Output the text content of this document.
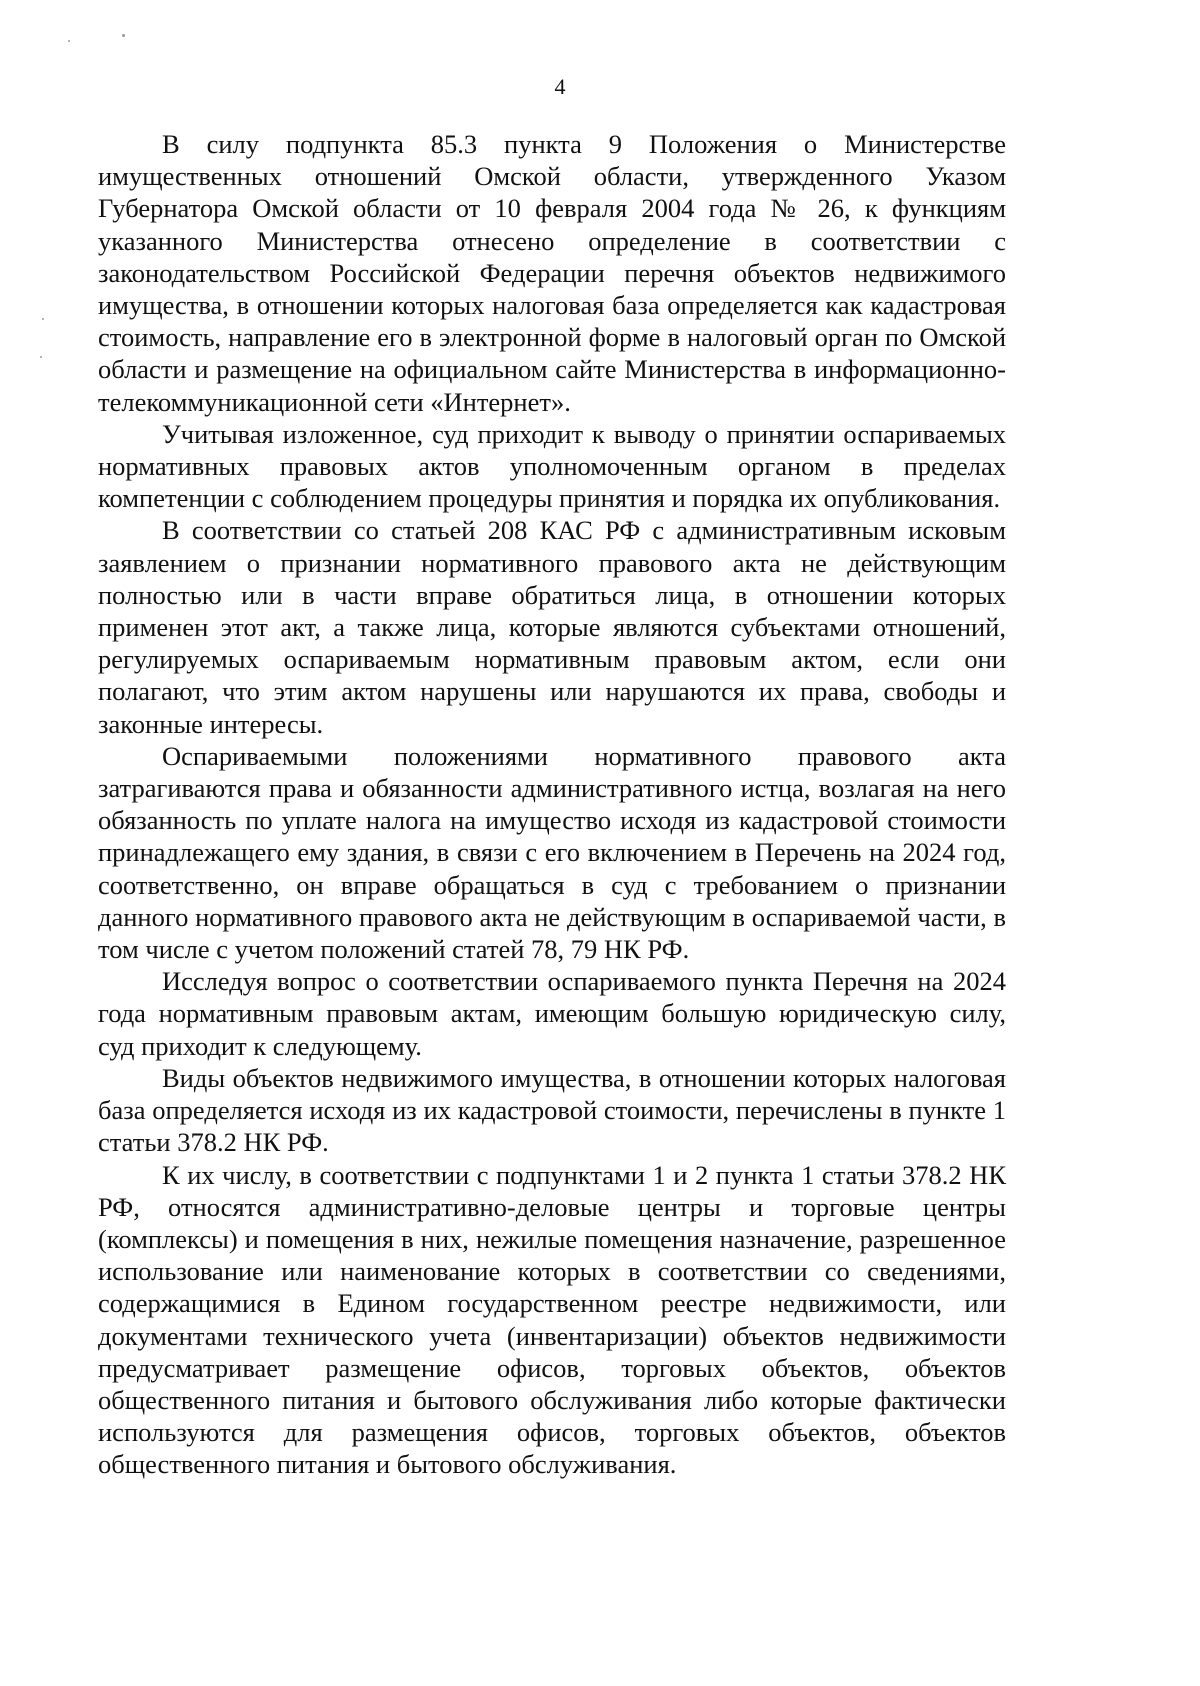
4

В силу подпункта 85.3 пункта 9 Положения о Министерстве имущественных отношений Омской области, утвержденного Указом Губернатора Омской области от 10 февраля 2004 года № 26, к функциям указанного Министерства отнесено определение в соответствии с законодательством Российской Федерации перечня объектов недвижимого имущества, в отношении которых налоговая база определяется как кадастровая стоимость, направление его в электронной форме в налоговый орган по Омской области и размещение на официальном сайте Министерства в информационно-телекоммуникационной сети «Интернет».

Учитывая изложенное, суд приходит к выводу о принятии оспариваемых нормативных правовых актов уполномоченным органом в пределах компетенции с соблюдением процедуры принятия и порядка их опубликования.

В соответствии со статьей 208 КАС РФ с административным исковым заявлением о признании нормативного правового акта не действующим полностью или в части вправе обратиться лица, в отношении которых применен этот акт, а также лица, которые являются субъектами отношений, регулируемых оспариваемым нормативным правовым актом, если они полагают, что этим актом нарушены или нарушаются их права, свободы и законные интересы.

Оспариваемыми положениями нормативного правового акта затрагиваются права и обязанности административного истца, возлагая на него обязанность по уплате налога на имущество исходя из кадастровой стоимости принадлежащего ему здания, в связи с его включением в Перечень на 2024 год, соответственно, он вправе обращаться в суд с требованием о признании данного нормативного правового акта не действующим в оспариваемой части, в том числе с учетом положений статей 78, 79 НК РФ.

Исследуя вопрос о соответствии оспариваемого пункта Перечня на 2024 года нормативным правовым актам, имеющим большую юридическую силу, суд приходит к следующему.

Виды объектов недвижимого имущества, в отношении которых налоговая база определяется исходя из их кадастровой стоимости, перечислены в пункте 1 статьи 378.2 НК РФ.

К их числу, в соответствии с подпунктами 1 и 2 пункта 1 статьи 378.2 НК РФ, относятся административно-деловые центры и торговые центры (комплексы) и помещения в них, нежилые помещения назначение, разрешенное использование или наименование которых в соответствии со сведениями, содержащимися в Едином государственном реестре недвижимости, или документами технического учета (инвентаризации) объектов недвижимости предусматривает размещение офисов, торговых объектов, объектов общественного питания и бытового обслуживания либо которые фактически используются для размещения офисов, торговых объектов, объектов общественного питания и бытового обслуживания.
